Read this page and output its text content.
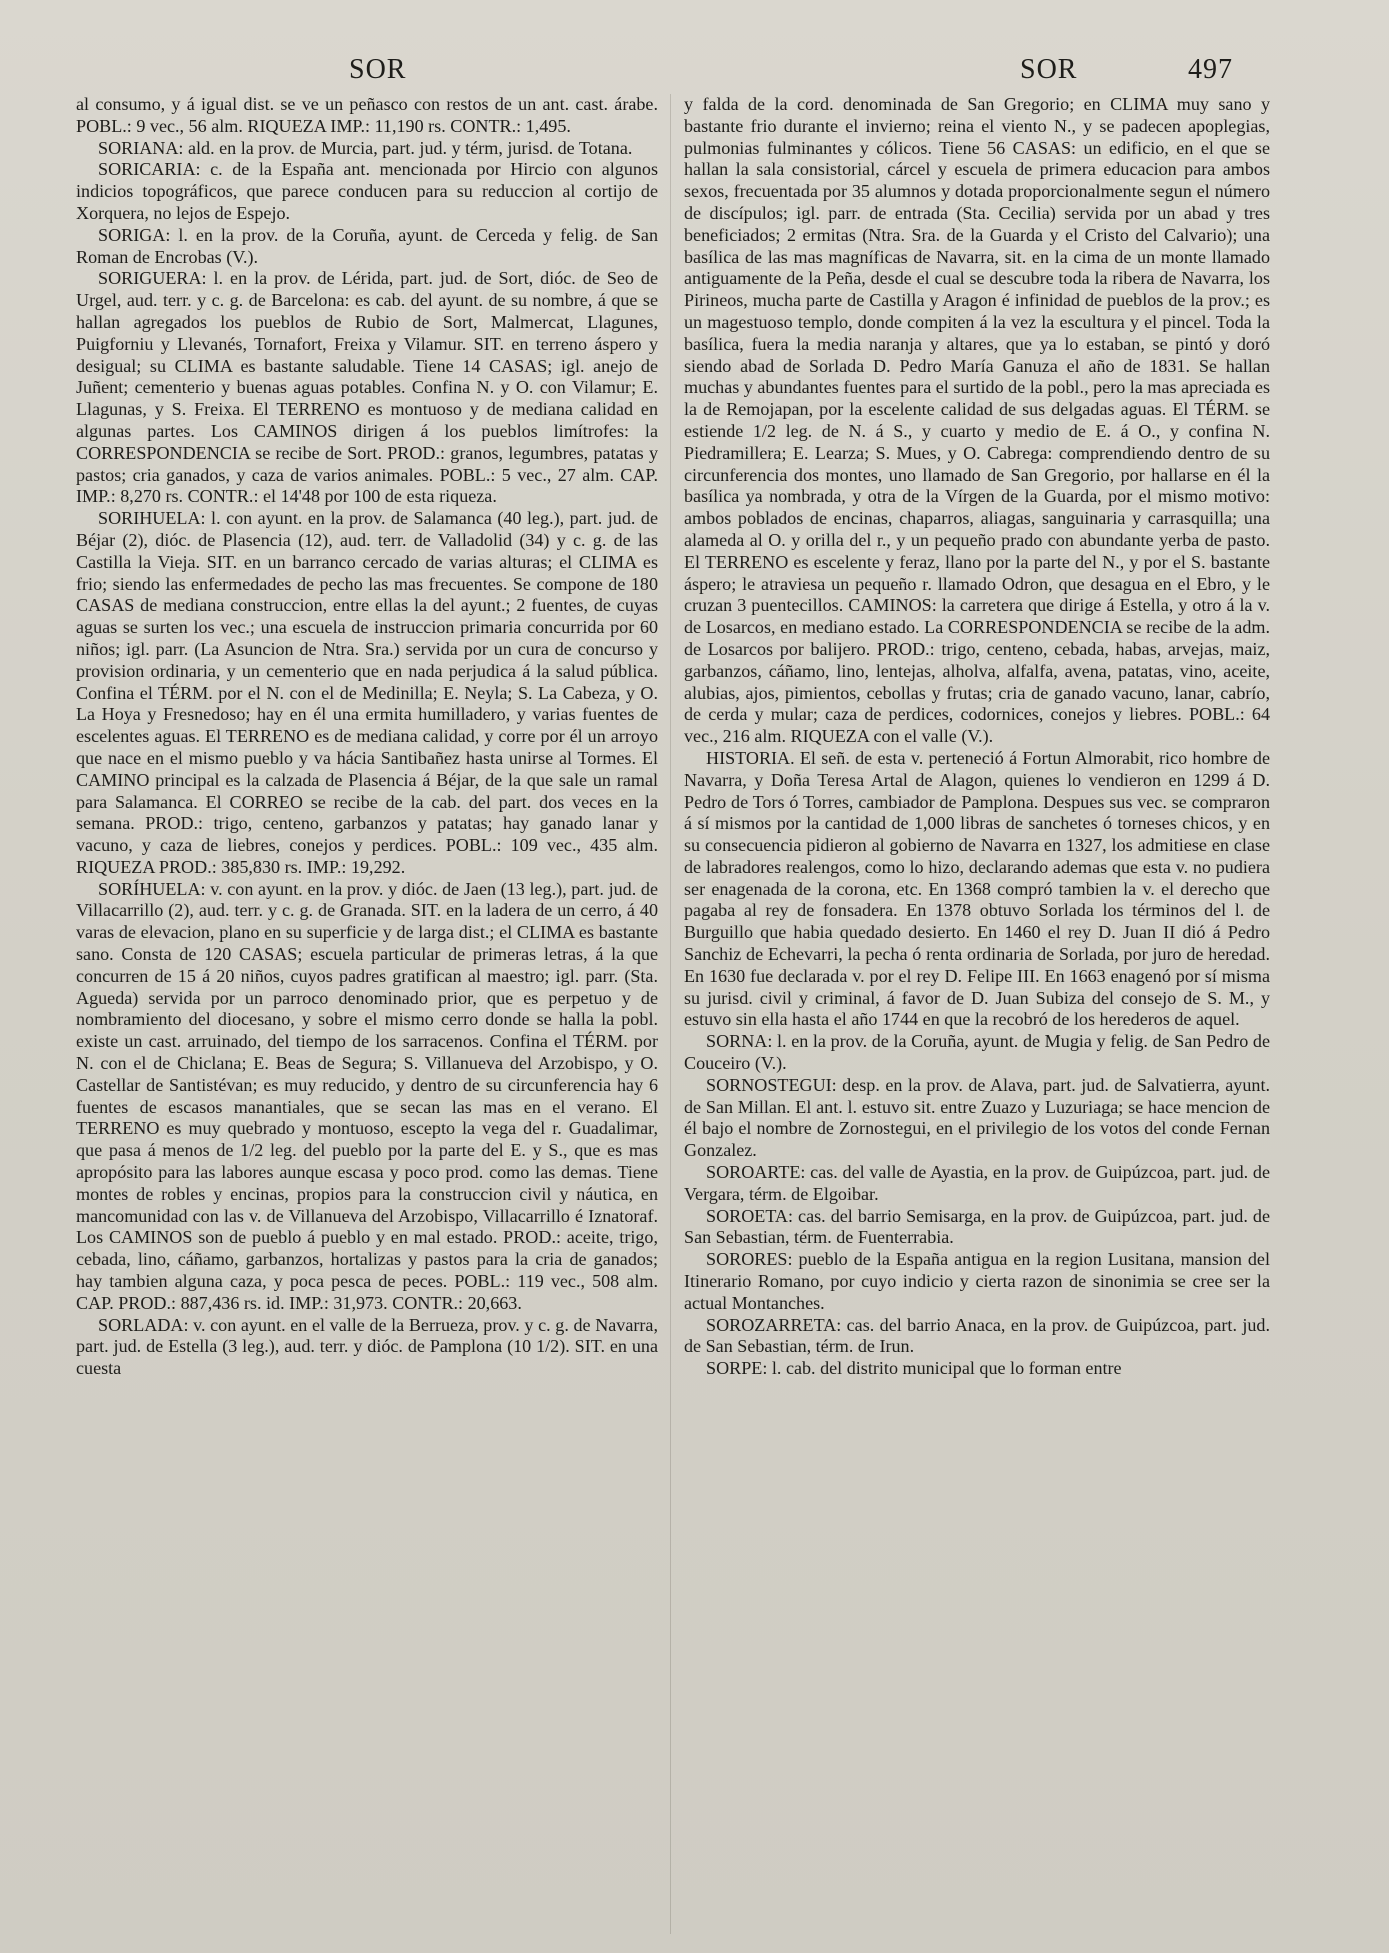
SOR	SOR	497

al consumo, y á igual dist. se ve un peñasco con restos de un ant. cast. árabe. POBL.: 9 vec., 56 alm. RIQUEZA IMP.: 11,190 rs. CONTR.: 1,495.

SORIANA: ald. en la prov. de Murcia, part. jud. y térm, jurisd. de Totana.

SORICARIA: c. de la España ant. mencionada por Hircio con algunos indicios topográficos, que parece conducen para su reduccion al cortijo de Xorquera, no lejos de Espejo.

SORIGA: l. en la prov. de la Coruña, ayunt. de Cerceda y felig. de San Roman de Encrobas (V.).

SORIGUERA: l. en la prov. de Lérida, part. jud. de Sort, dióc. de Seo de Urgel, aud. terr. y c. g. de Barcelona: es cab. del ayunt. de su nombre, á que se hallan agregados los pueblos de Rubio de Sort, Malmercat, Llagunes, Puigforniu y Llevanés, Tornafort, Freixa y Vilamur. SIT. en terreno áspero y desigual; su CLIMA es bastante saludable. Tiene 14 CASAS; igl. anejo de Juñent; cementerio y buenas aguas potables. Confina N. y O. con Vilamur; E. Llagunas, y S. Freixa. El TERRENO es montuoso y de mediana calidad en algunas partes. Los CAMINOS dirigen á los pueblos limítrofes: la CORRESPONDENCIA se recibe de Sort. PROD.: granos, legumbres, patatas y pastos; cria ganados, y caza de varios animales. POBL.: 5 vec., 27 alm. CAP. IMP.: 8,270 rs. CONTR.: el 14'48 por 100 de esta riqueza.

SORIHUELA: l. con ayunt. en la prov. de Salamanca (40 leg.), part. jud. de Béjar (2), dióc. de Plasencia (12), aud. terr. de Valladolid (34) y c. g. de las Castilla la Vieja. SIT. en un barranco cercado de varias alturas; el CLIMA es frio; siendo las enfermedades de pecho las mas frecuentes. Se compone de 180 CASAS de mediana construccion, entre ellas la del ayunt.; 2 fuentes, de cuyas aguas se surten los vec.; una escuela de instruccion primaria concurrida por 60 niños; igl. parr. (La Asuncion de Ntra. Sra.) servida por un cura de concurso y provision ordinaria, y un cementerio que en nada perjudica á la salud pública. Confina el TÉRM. por el N. con el de Medinilla; E. Neyla; S. La Cabeza, y O. La Hoya y Fresnedoso; hay en él una ermita humilladero, y varias fuentes de escelentes aguas. El TERRENO es de mediana calidad, y corre por él un arroyo que nace en el mismo pueblo y va hácia Santibañez hasta unirse al Tormes. El CAMINO principal es la calzada de Plasencia á Béjar, de la que sale un ramal para Salamanca. El CORREO se recibe de la cab. del part. dos veces en la semana. PROD.: trigo, centeno, garbanzos y patatas; hay ganado lanar y vacuno, y caza de liebres, conejos y perdices. POBL.: 109 vec., 435 alm. RIQUEZA PROD.: 385,830 rs. IMP.: 19,292.

SORÍHUELA: v. con ayunt. en la prov. y dióc. de Jaen (13 leg.), part. jud. de Villacarrillo (2), aud. terr. y c. g. de Granada. SIT. en la ladera de un cerro, á 40 varas de elevacion, plano en su superficie y de larga dist.; el CLIMA es bastante sano. Consta de 120 CASAS; escuela particular de primeras letras, á la que concurren de 15 á 20 niños, cuyos padres gratifican al maestro; igl. parr. (Sta. Agueda) servida por un parroco denominado prior, que es perpetuo y de nombramiento del diocesano, y sobre el mismo cerro donde se halla la pobl. existe un cast. arruinado, del tiempo de los sarracenos. Confina el TÉRM. por N. con el de Chiclana; E. Beas de Segura; S. Villanueva del Arzobispo, y O. Castellar de Santistévan; es muy reducido, y dentro de su circunferencia hay 6 fuentes de escasos manantiales, que se secan las mas en el verano. El TERRENO es muy quebrado y montuoso, escepto la vega del r. Guadalimar, que pasa á menos de 1/2 leg. del pueblo por la parte del E. y S., que es mas apropósito para las labores aunque escasa y poco prod. como las demas. Tiene montes de robles y encinas, propios para la construccion civil y náutica, en mancomunidad con las v. de Villanueva del Arzobispo, Villacarrillo é Iznatoraf. Los CAMINOS son de pueblo á pueblo y en mal estado. PROD.: aceite, trigo, cebada, lino, cáñamo, garbanzos, hortalizas y pastos para la cria de ganados; hay tambien alguna caza, y poca pesca de peces. POBL.: 119 vec., 508 alm. CAP. PROD.: 887,436 rs. id. IMP.: 31,973. CONTR.: 20,663.

SORLADA: v. con ayunt. en el valle de la Berrueza, prov. y c. g. de Navarra, part. jud. de Estella (3 leg.), aud. terr. y dióc. de Pamplona (10 1/2). SIT. en una cuesta

y falda de la cord. denominada de San Gregorio; en CLIMA muy sano y bastante frio durante el invierno; reina el viento N., y se padecen apoplegias, pulmonias fulminantes y cólicos. Tiene 56 CASAS: un edificio, en el que se hallan la sala consistorial, cárcel y escuela de primera educacion para ambos sexos, frecuentada por 35 alumnos y dotada proporcionalmente segun el número de discípulos; igl. parr. de entrada (Sta. Cecilia) servida por un abad y tres beneficiados; 2 ermitas (Ntra. Sra. de la Guarda y el Cristo del Calvario); una basílica de las mas magníficas de Navarra, sit. en la cima de un monte llamado antiguamente de la Peña, desde el cual se descubre toda la ribera de Navarra, los Pirineos, mucha parte de Castilla y Aragon é infinidad de pueblos de la prov.; es un magestuoso templo, donde compiten á la vez la escultura y el pincel. Toda la basílica, fuera la media naranja y altares, que ya lo estaban, se pintó y doró siendo abad de Sorlada D. Pedro María Ganuza el año de 1831. Se hallan muchas y abundantes fuentes para el surtido de la pobl., pero la mas apreciada es la de Remojapan, por la escelente calidad de sus delgadas aguas. El TÉRM. se estiende 1/2 leg. de N. á S., y cuarto y medio de E. á O., y confina N. Piedramillera; E. Learza; S. Mues, y O. Cabrega: comprendiendo dentro de su circunferencia dos montes, uno llamado de San Gregorio, por hallarse en él la basílica ya nombrada, y otra de la Vírgen de la Guarda, por el mismo motivo: ambos poblados de encinas, chaparros, aliagas, sanguinaria y carrasquilla; una alameda al O. y orilla del r., y un pequeño prado con abundante yerba de pasto. El TERRENO es escelente y feraz, llano por la parte del N., y por el S. bastante áspero; le atraviesa un pequeño r. llamado Odron, que desagua en el Ebro, y le cruzan 3 puentecillos. CAMINOS: la carretera que dirige á Estella, y otro á la v. de Losarcos, en mediano estado. La CORRESPONDENCIA se recibe de la adm. de Losarcos por balijero. PROD.: trigo, centeno, cebada, habas, arvejas, maiz, garbanzos, cáñamo, lino, lentejas, alholva, alfalfa, avena, patatas, vino, aceite, alubias, ajos, pimientos, cebollas y frutas; cria de ganado vacuno, lanar, cabrío, de cerda y mular; caza de perdices, codornices, conejos y liebres. POBL.: 64 vec., 216 alm. RIQUEZA con el valle (V.).

HISTORIA. El señ. de esta v. perteneció á Fortun Almorabit, rico hombre de Navarra, y Doña Teresa Artal de Alagon, quienes lo vendieron en 1299 á D. Pedro de Tors ó Torres, cambiador de Pamplona. Despues sus vec. se compraron á sí mismos por la cantidad de 1,000 libras de sanchetes ó torneses chicos, y en su consecuencia pidieron al gobierno de Navarra en 1327, los admitiese en clase de labradores realengos, como lo hizo, declarando ademas que esta v. no pudiera ser enagenada de la corona, etc. En 1368 compró tambien la v. el derecho que pagaba al rey de fonsadera. En 1378 obtuvo Sorlada los términos del l. de Burguillo que habia quedado desierto. En 1460 el rey D. Juan II dió á Pedro Sanchiz de Echevarri, la pecha ó renta ordinaria de Sorlada, por juro de heredad. En 1630 fue declarada v. por el rey D. Felipe III. En 1663 enagenó por sí misma su jurisd. civil y criminal, á favor de D. Juan Subiza del consejo de S. M., y estuvo sin ella hasta el año 1744 en que la recobró de los herederos de aquel.

SORNA: l. en la prov. de la Coruña, ayunt. de Mugia y felig. de San Pedro de Couceiro (V.).

SORNOSTEGUI: desp. en la prov. de Alava, part. jud. de Salvatierra, ayunt. de San Millan. El ant. l. estuvo sit. entre Zuazo y Luzuriaga; se hace mencion de él bajo el nombre de Zornostegui, en el privilegio de los votos del conde Fernan Gonzalez.

SOROARTE: cas. del valle de Ayastia, en la prov. de Guipúzcoa, part. jud. de Vergara, térm. de Elgoibar.

SOROETA: cas. del barrio Semisarga, en la prov. de Guipúzcoa, part. jud. de San Sebastian, térm. de Fuenterrabia.

SORORES: pueblo de la España antigua en la region Lusitana, mansion del Itinerario Romano, por cuyo indicio y cierta razon de sinonimia se cree ser la actual Montanches.

SOROZARRETA: cas. del barrio Anaca, en la prov. de Guipúzcoa, part. jud. de San Sebastian, térm. de Irun.

SORPE: l. cab. del distrito municipal que lo forman entre
